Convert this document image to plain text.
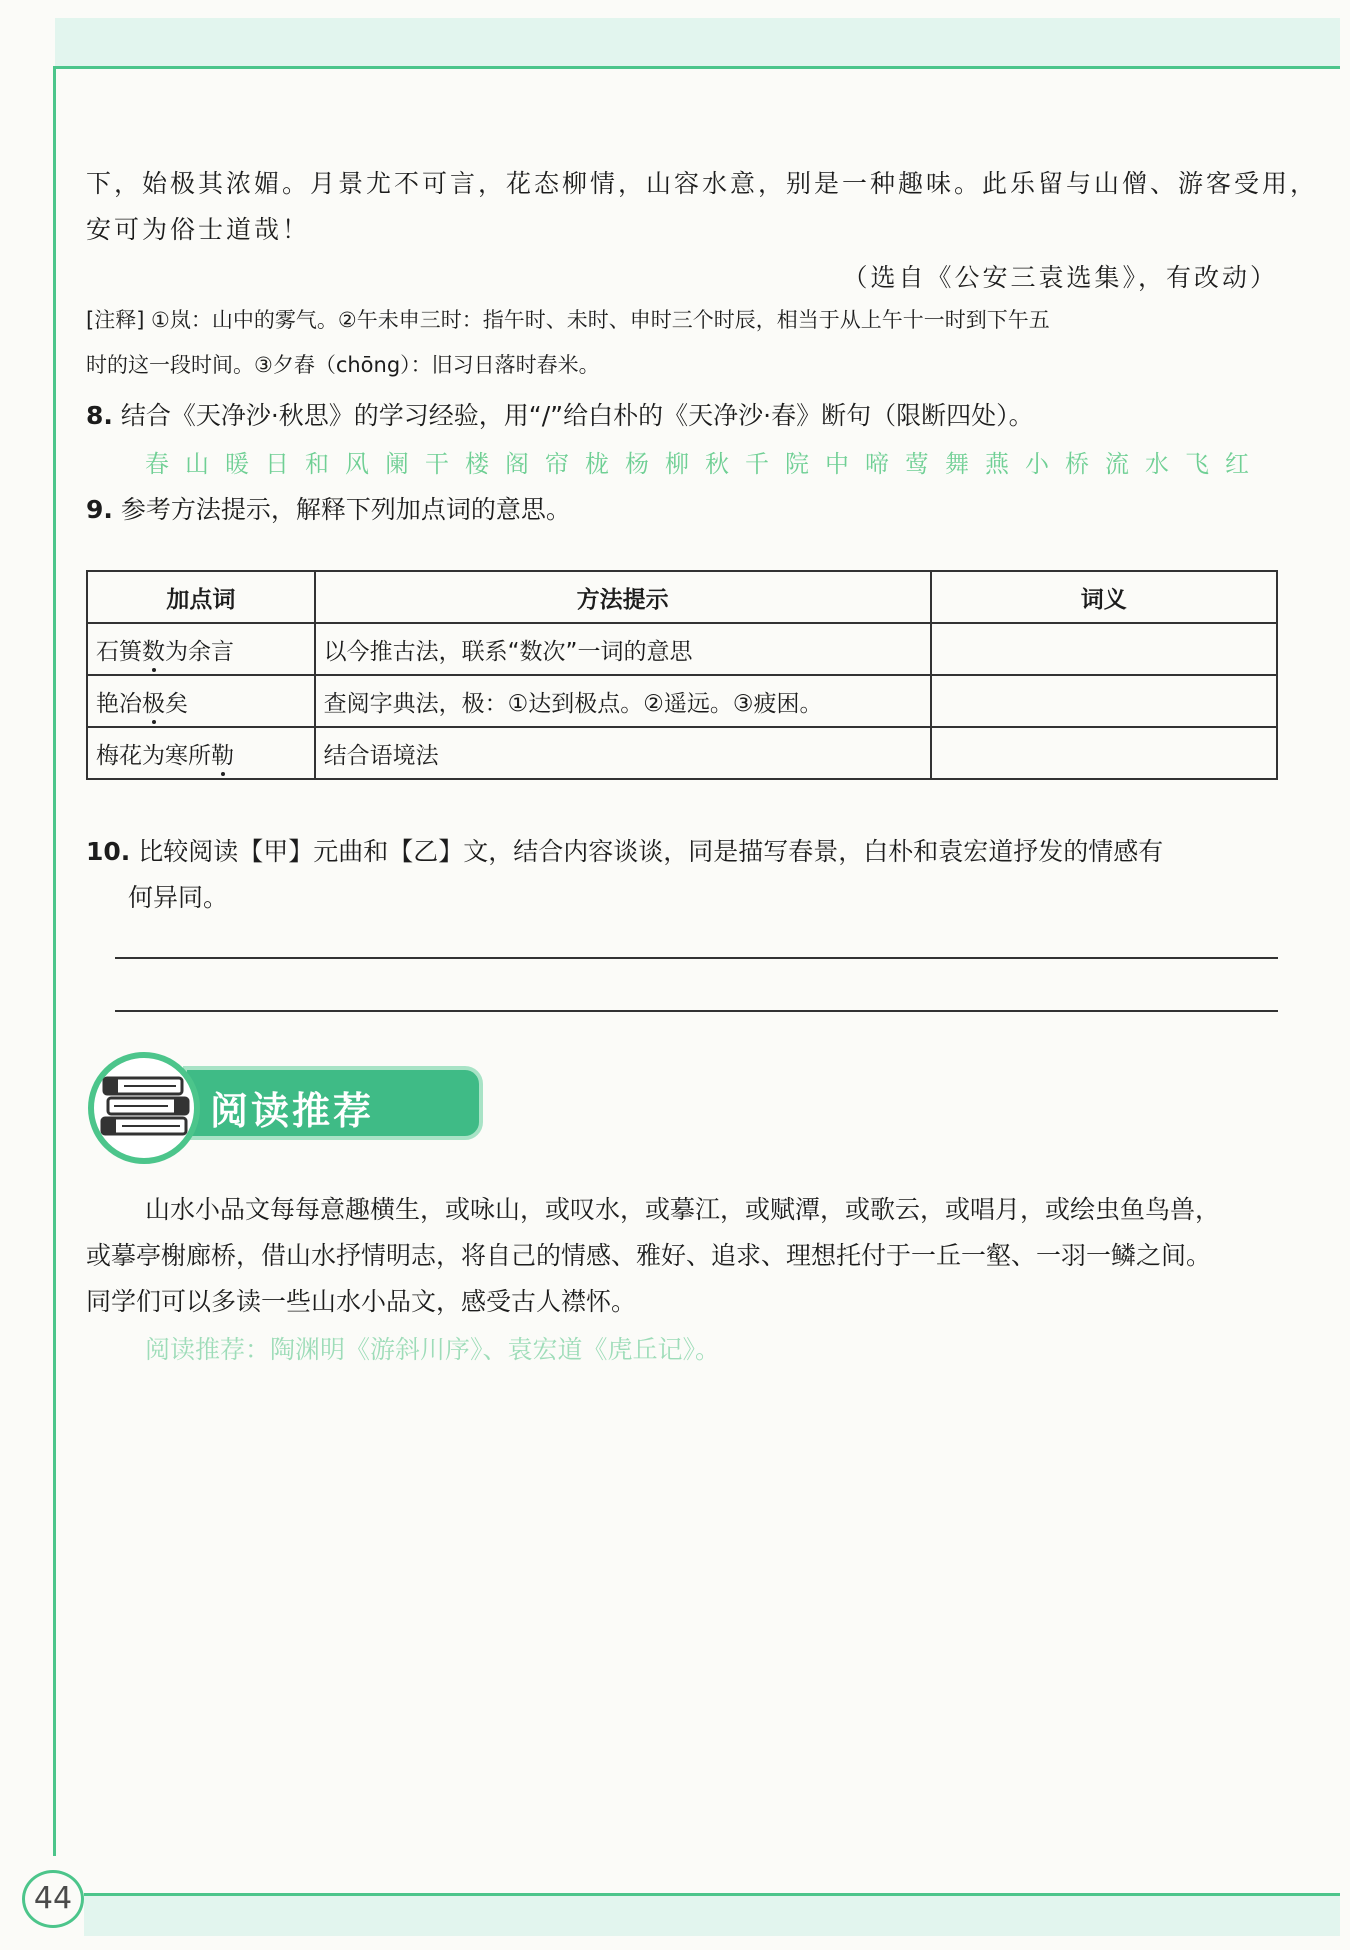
44
下，始极其浓媚。月景尤不可言，花态柳情，山容水意，别是一种趣味。此乐留与山僧、游客受用，
安可为俗士道哉！
（选自《公安三袁选集》，有改动）
[注释] ①岚：山中的雾气。②午未申三时：指午时、未时、申时三个时辰，相当于从上午十一时到下午五
时的这一段时间。③夕舂（chōng）：旧习日落时舂米。
8. 结合《天净沙·秋思》的学习经验，用“/”给白朴的《天净沙·春》断句（限断四处）。
春山暖日和风阑干楼阁帘栊杨柳秋千院中啼莺舞燕小桥流水飞红
9. 参考方法提示，解释下列加点词的意思。
加点词	方法提示	词义
石篑数为余言	以今推古法，联系“数次”一词的意思	
艳冶极矣	查阅字典法，极：①达到极点。②遥远。③疲困。	
梅花为寒所勒	结合语境法	
10. 比较阅读【甲】元曲和【乙】文，结合内容谈谈，同是描写春景，白朴和袁宏道抒发的情感有
何异同。
阅读推荐
山水小品文每每意趣横生，或咏山，或叹水，或摹江，或赋潭，或歌云，或唱月，或绘虫鱼鸟兽，
或摹亭榭廊桥，借山水抒情明志，将自己的情感、雅好、追求、理想托付于一丘一壑、一羽一鳞之间。
同学们可以多读一些山水小品文，感受古人襟怀。
阅读推荐：陶渊明《游斜川序》、袁宏道《虎丘记》。
